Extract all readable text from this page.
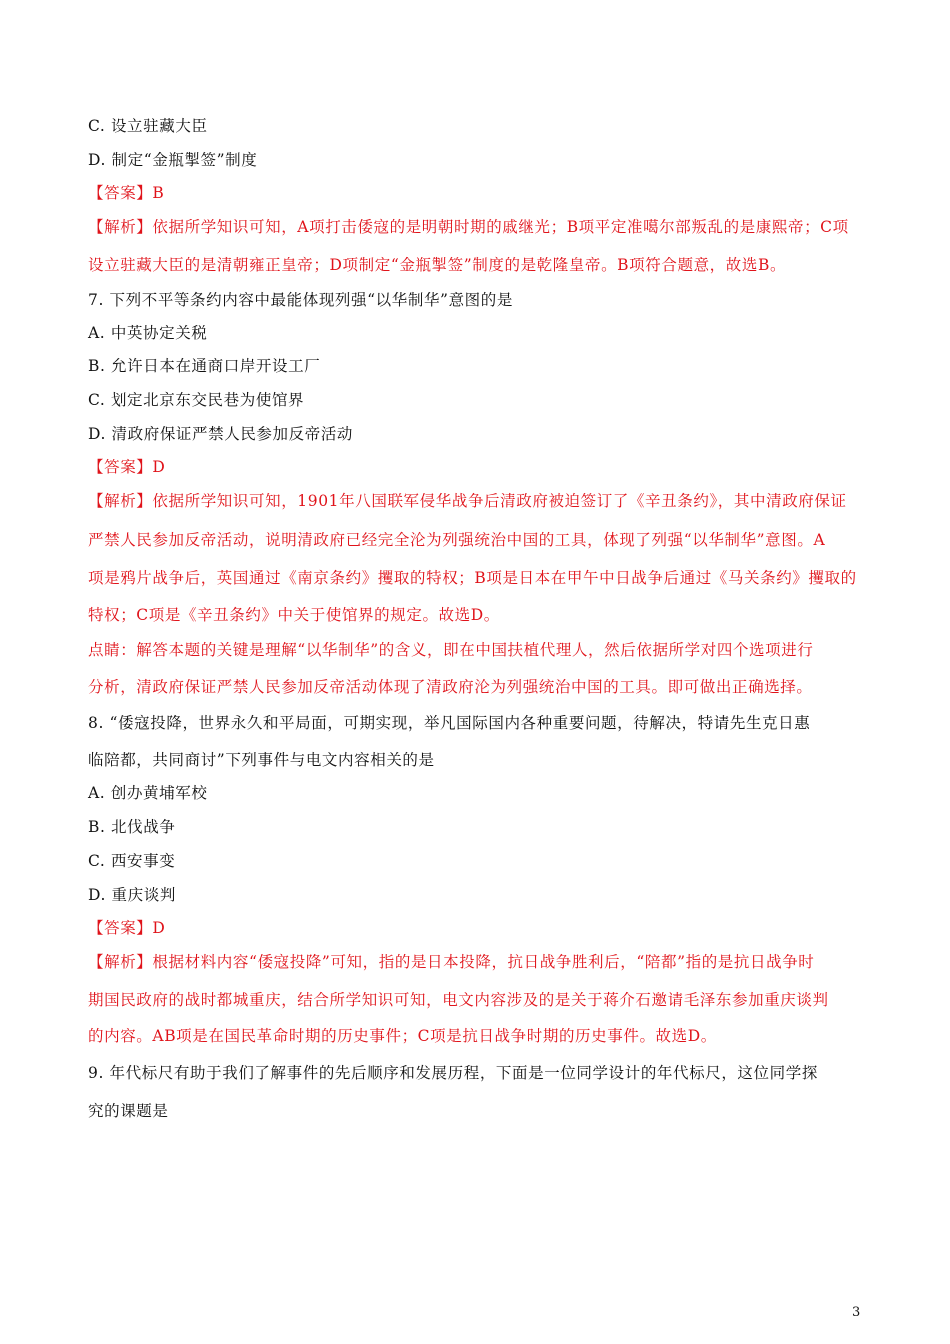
C. 设立驻藏大臣
D. 制定“金瓶掣签”制度
【答案】B
【解析】依据所学知识可知，A项打击倭寇的是明朝时期的戚继光；B项平定准噶尔部叛乱的是康熙帝；C项
设立驻藏大臣的是清朝雍正皇帝；D项制定“金瓶掣签”制度的是乾隆皇帝。B项符合题意，故选B。
7. 下列不平等条约内容中最能体现列强“以华制华”意图的是
A. 中英协定关税
B. 允许日本在通商口岸开设工厂
C. 划定北京东交民巷为使馆界
D. 清政府保证严禁人民参加反帝活动
【答案】D
【解析】依据所学知识可知，1901年八国联军侵华战争后清政府被迫签订了《辛丑条约》，其中清政府保证
严禁人民参加反帝活动，说明清政府已经完全沦为列强统治中国的工具，体现了列强“以华制华”意图。A
项是鸦片战争后，英国通过《南京条约》攫取的特权；B项是日本在甲午中日战争后通过《马关条约》攫取的
特权；C项是《辛丑条约》中关于使馆界的规定。故选D。
点睛：解答本题的关键是理解“以华制华”的含义，即在中国扶植代理人，然后依据所学对四个选项进行
分析，清政府保证严禁人民参加反帝活动体现了清政府沦为列强统治中国的工具。即可做出正确选择。
8. “倭寇投降，世界永久和平局面，可期实现，举凡国际国内各种重要问题，待解决，特请先生克日惠
临陪都，共同商讨”下列事件与电文内容相关的是
A. 创办黄埔军校
B. 北伐战争
C. 西安事变
D. 重庆谈判
【答案】D
【解析】根据材料内容“倭寇投降”可知，指的是日本投降，抗日战争胜利后，“陪都”指的是抗日战争时
期国民政府的战时都城重庆，结合所学知识可知，电文内容涉及的是关于蒋介石邀请毛泽东参加重庆谈判
的内容。AB项是在国民革命时期的历史事件；C项是抗日战争时期的历史事件。故选D。
9. 年代标尺有助于我们了解事件的先后顺序和发展历程，下面是一位同学设计的年代标尺，这位同学探
究的课题是
3
